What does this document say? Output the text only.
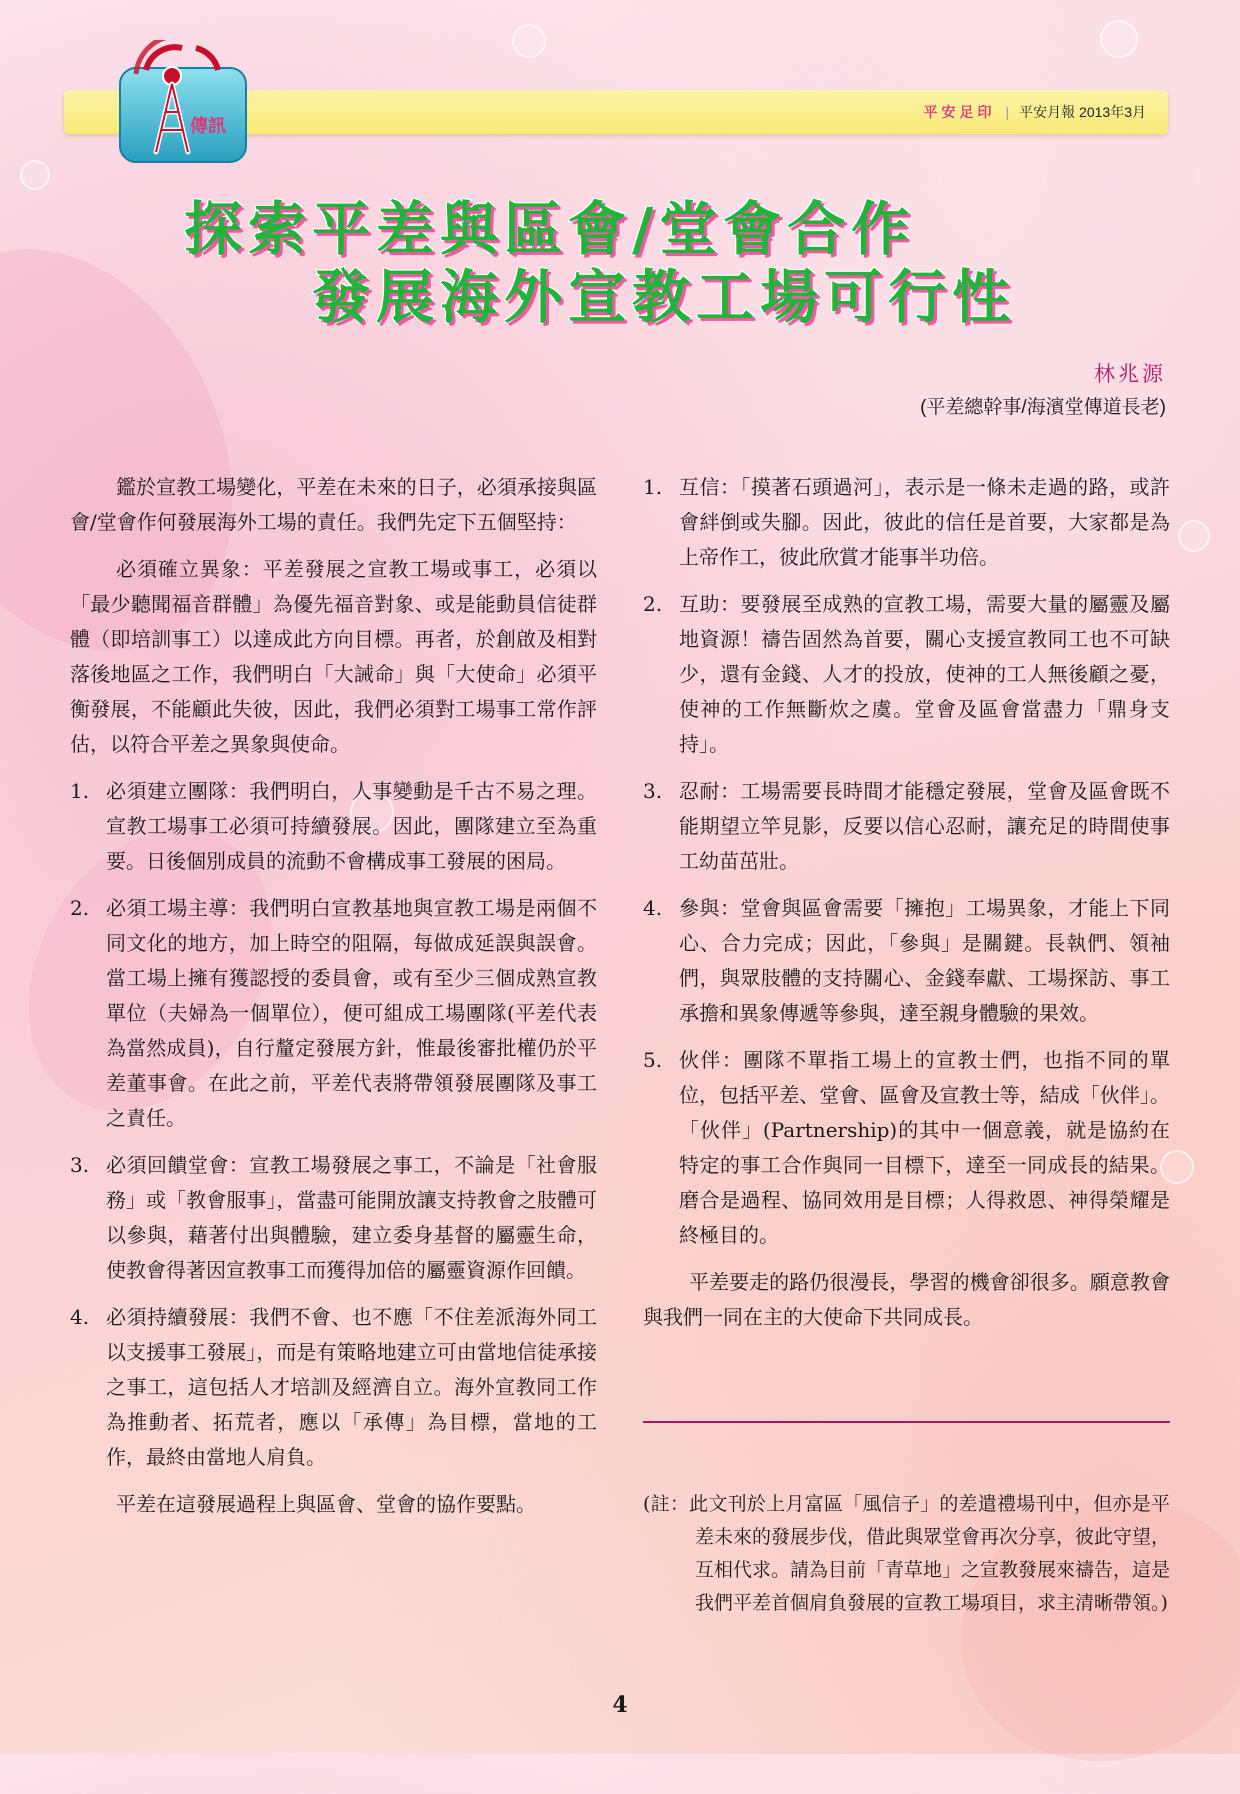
平安足印 | 平安月報 2013年3月
傳訊
探索平差與區會/堂會合作
發展海外宣教工場可行性
林兆源
(平差總幹事/海濱堂傳道長老)

鑑於宣教工場變化，平差在未來的日子，必須承接與區會/堂會作何發展海外工場的責任。我們先定下五個堅持：

必須確立異象：平差發展之宣教工場或事工，必須以「最少聽聞福音群體」為優先福音對象、或是能動員信徒群體（即培訓事工）以達成此方向目標。再者，於創啟及相對落後地區之工作，我們明白「大誡命」與「大使命」必須平衡發展，不能顧此失彼，因此，我們必須對工場事工常作評估，以符合平差之異象與使命。

1. 必須建立團隊：我們明白，人事變動是千古不易之理。宣教工場事工必須可持續發展。因此，團隊建立至為重要。日後個別成員的流動不會構成事工發展的困局。
2. 必須工場主導：我們明白宣教基地與宣教工場是兩個不同文化的地方，加上時空的阻隔，每做成延誤與誤會。當工場上擁有獲認授的委員會，或有至少三個成熟宣教單位（夫婦為一個單位），便可組成工場團隊(平差代表為當然成員)，自行釐定發展方針，惟最後審批權仍於平差董事會。在此之前，平差代表將帶領發展團隊及事工之責任。
3. 必須回饋堂會：宣教工場發展之事工，不論是「社會服務」或「教會服事」，當盡可能開放讓支持教會之肢體可以參與，藉著付出與體驗，建立委身基督的屬靈生命，使教會得著因宣教事工而獲得加倍的屬靈資源作回饋。
4. 必須持續發展：我們不會、也不應「不住差派海外同工以支援事工發展」，而是有策略地建立可由當地信徒承接之事工，這包括人才培訓及經濟自立。海外宣教同工作為推動者、拓荒者，應以「承傳」為目標，當地的工作，最終由當地人肩負。

平差在這發展過程上與區會、堂會的協作要點。

1. 互信：「摸著石頭過河」，表示是一條未走過的路，或許會絆倒或失腳。因此，彼此的信任是首要，大家都是為上帝作工，彼此欣賞才能事半功倍。
2. 互助：要發展至成熟的宣教工場，需要大量的屬靈及屬地資源！禱告固然為首要，關心支援宣教同工也不可缺少，還有金錢、人才的投放，使神的工人無後顧之憂，使神的工作無斷炊之虞。堂會及區會當盡力「鼎身支持」。
3. 忍耐：工場需要長時間才能穩定發展，堂會及區會既不能期望立竿見影，反要以信心忍耐，讓充足的時間使事工幼苗茁壯。
4. 參與：堂會與區會需要「擁抱」工場異象，才能上下同心、合力完成；因此，「參與」是關鍵。長執們、領袖們，與眾肢體的支持關心、金錢奉獻、工場探訪、事工承擔和異象傳遞等參與，達至親身體驗的果效。
5. 伙伴：團隊不單指工場上的宣教士們，也指不同的單位，包括平差、堂會、區會及宣教士等，結成「伙伴」。「伙伴」(Partnership)的其中一個意義，就是協約在特定的事工合作與同一目標下，達至一同成長的結果。磨合是過程、協同效用是目標；人得救恩、神得榮耀是終極目的。

平差要走的路仍很漫長，學習的機會卻很多。願意教會與我們一同在主的大使命下共同成長。

(註：此文刊於上月富區「風信子」的差遣禮場刊中，但亦是平差未來的發展步伐，借此與眾堂會再次分享，彼此守望，互相代求。請為目前「青草地」之宣教發展來禱告，這是我們平差首個肩負發展的宣教工場項目，求主清晰帶領。)
4
